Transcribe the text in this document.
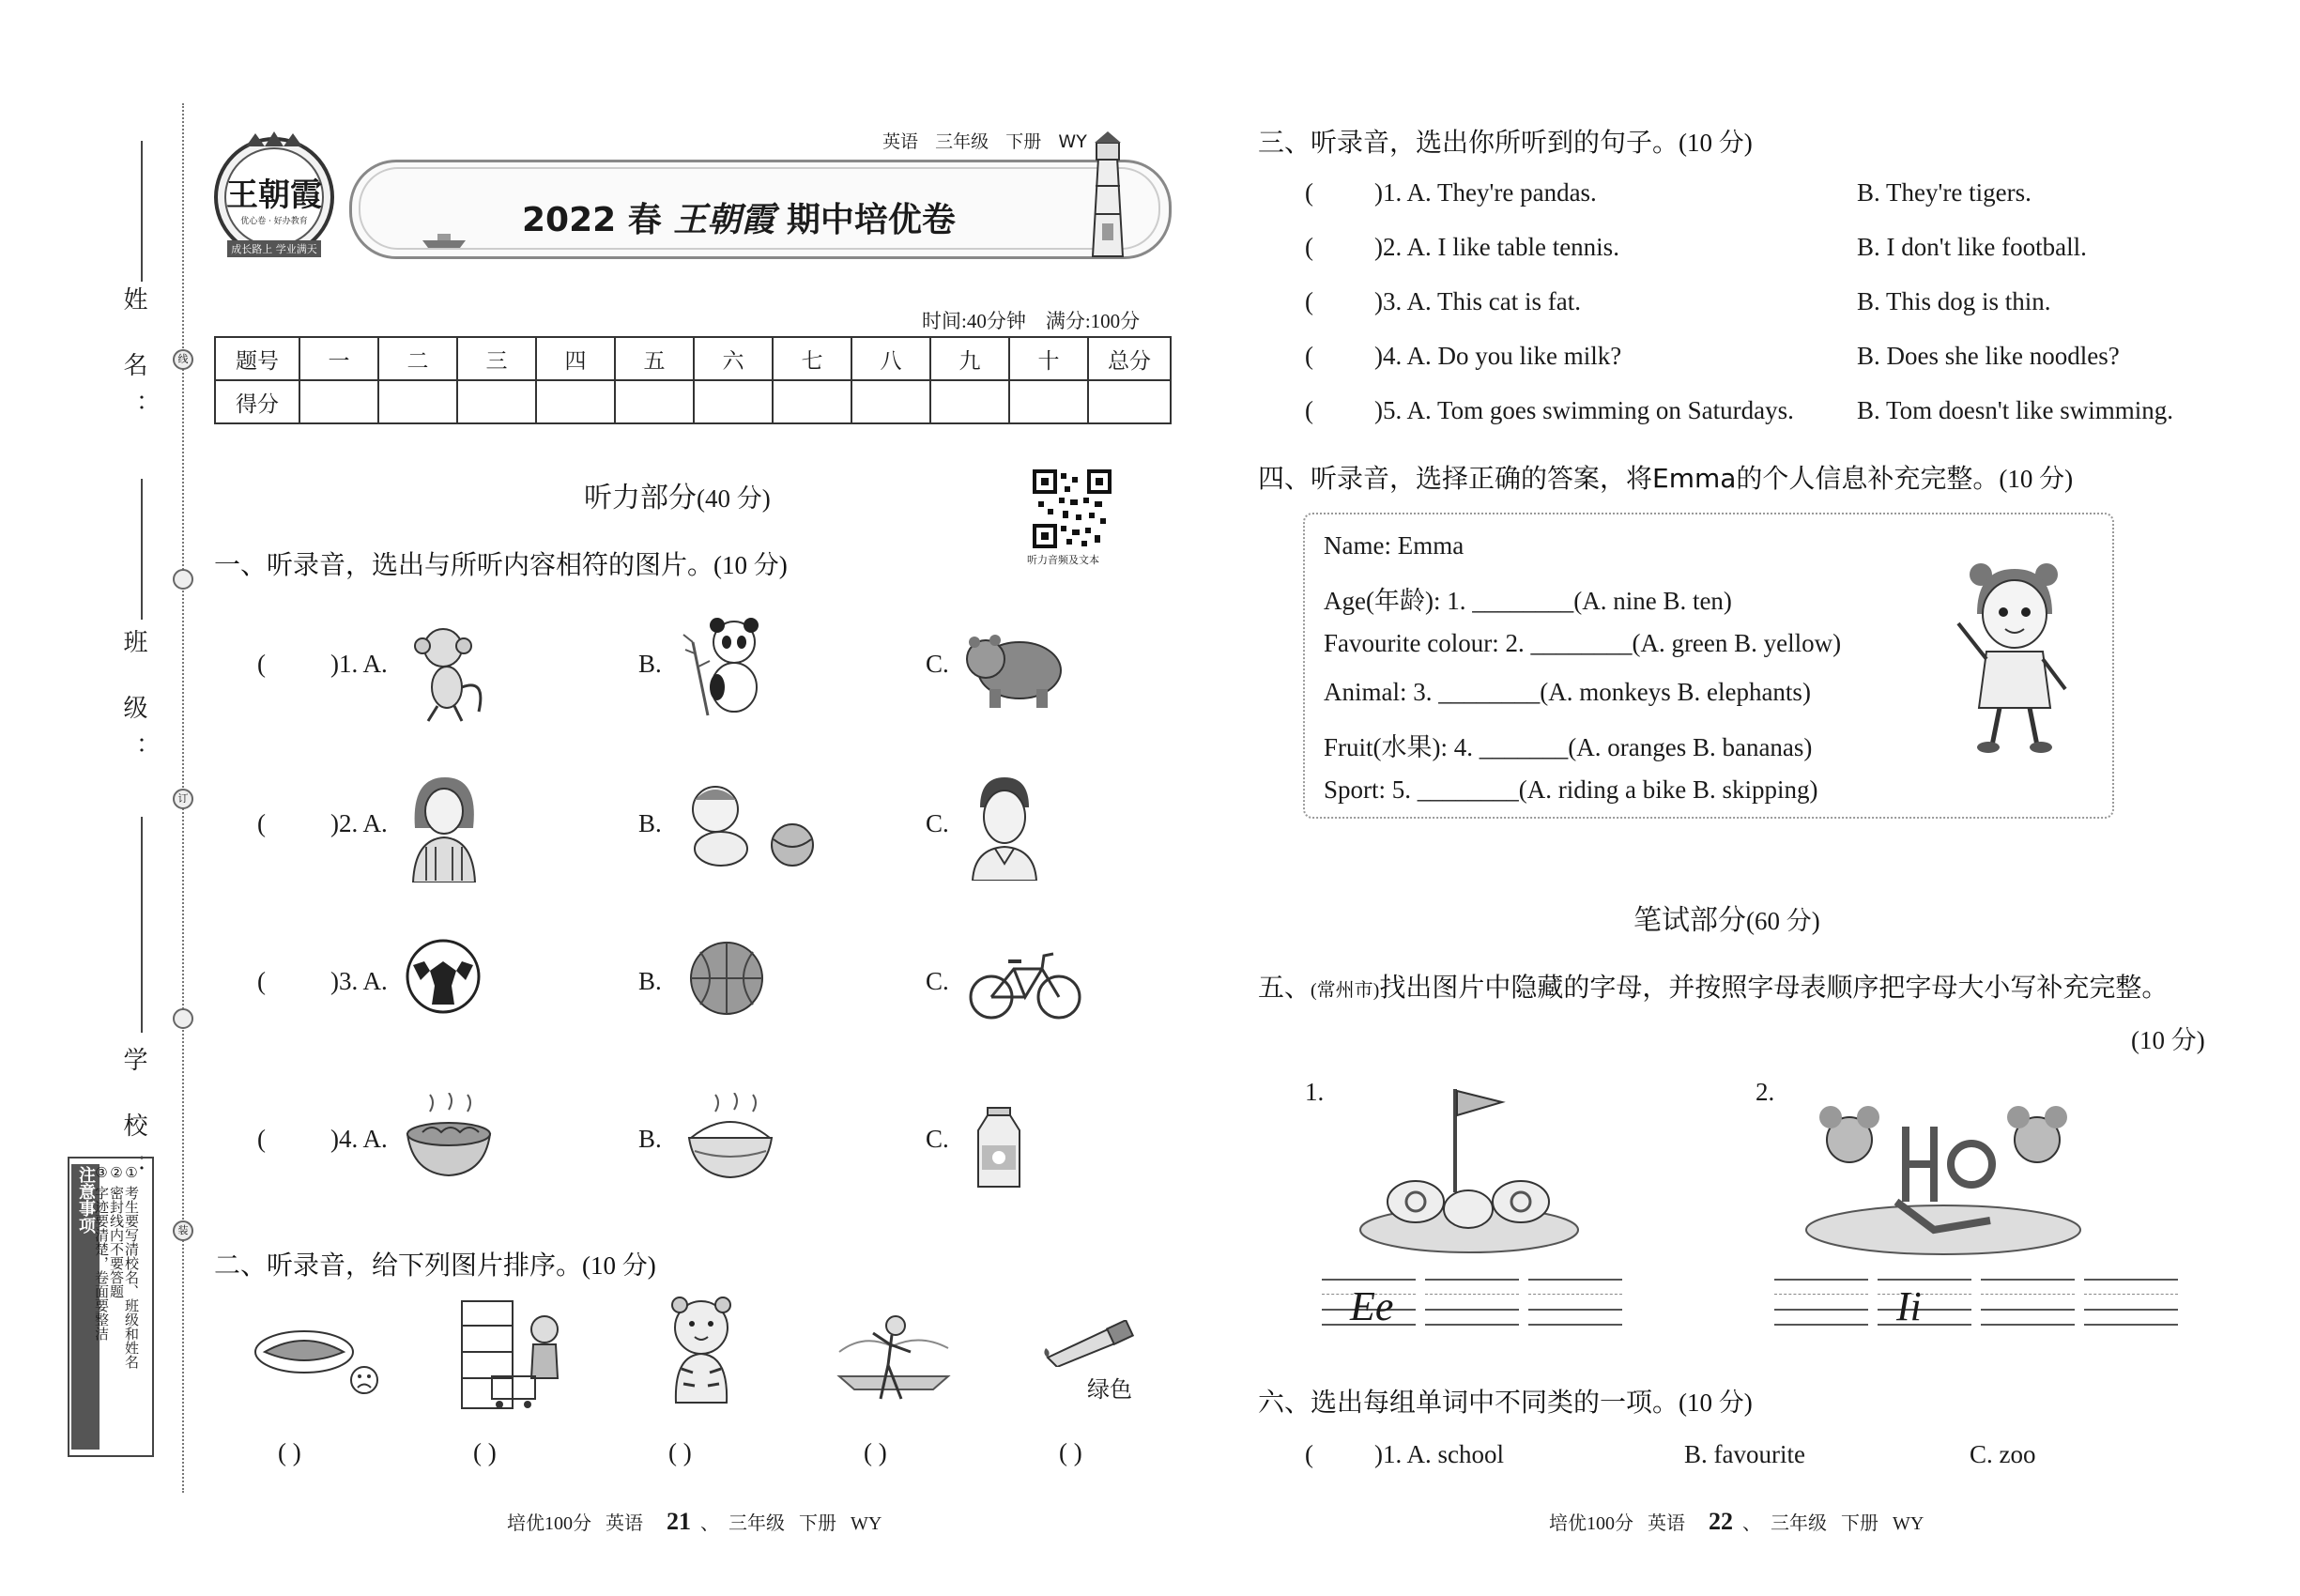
姓 名：
班 级：
学 校：
装
订
线
注意事项 ① 考生要写清校名、班级和姓名
② 密封线内不要答题
③ 字迹要清楚，卷面要整洁
王朝霞
优心卷 · 好办教育
成长路上 学业满天
英语 三年级 下册 WY
2022 春 王朝霞 期中培优卷
时间:40分钟 满分:100分
题号	一	二	三	四	五	六	七	八	九	十	总分
得分											
听力部分(40 分)
听力音频及文本
一、听录音，选出与所听内容相符的图片。(10 分)
(	)1. A.	B.	C.
(	)2. A.	B.	C.
(	)3. A.	B.	C.
(	)4. A.	B.	C.
二、听录音，给下列图片排序。(10 分)
绿色
( )	( )	( )	( )	( )
培优100分 英语 21  、  三年级 下册 WY
三、听录音，选出你所听到的句子。(10 分)
( )1. A. They're pandas.	B. They're tigers.
( )2. A. I like table tennis.	B. I don't like football.
( )3. A. This cat is fat.	B. This dog is thin.
( )4. A. Do you like milk?	B. Does she like noodles?
( )5. A. Tom goes swimming on Saturdays. B. Tom doesn't like swimming.
四、听录音，选择正确的答案，将Emma的个人信息补充完整。(10 分)
Name: Emma
Age(年龄): 1. ________(A. nine B. ten)
Favourite colour: 2. ________(A. green B. yellow)
Animal: 3. ________(A. monkeys B. elephants)
Fruit(水果): 4. _______(A. oranges B. bananas)
Sport: 5. ________(A. riding a bike B. skipping)
笔试部分(60 分)
五、(常州市)找出图片中隐藏的字母，并按照字母表顺序把字母大小写补充完整。
(10 分)
1.	2.
Ee	Ii
六、选出每组单词中不同类的一项。(10 分)
( )1. A. school	B. favourite	C. zoo
培优100分 英语 22  、  三年级 下册 WY
